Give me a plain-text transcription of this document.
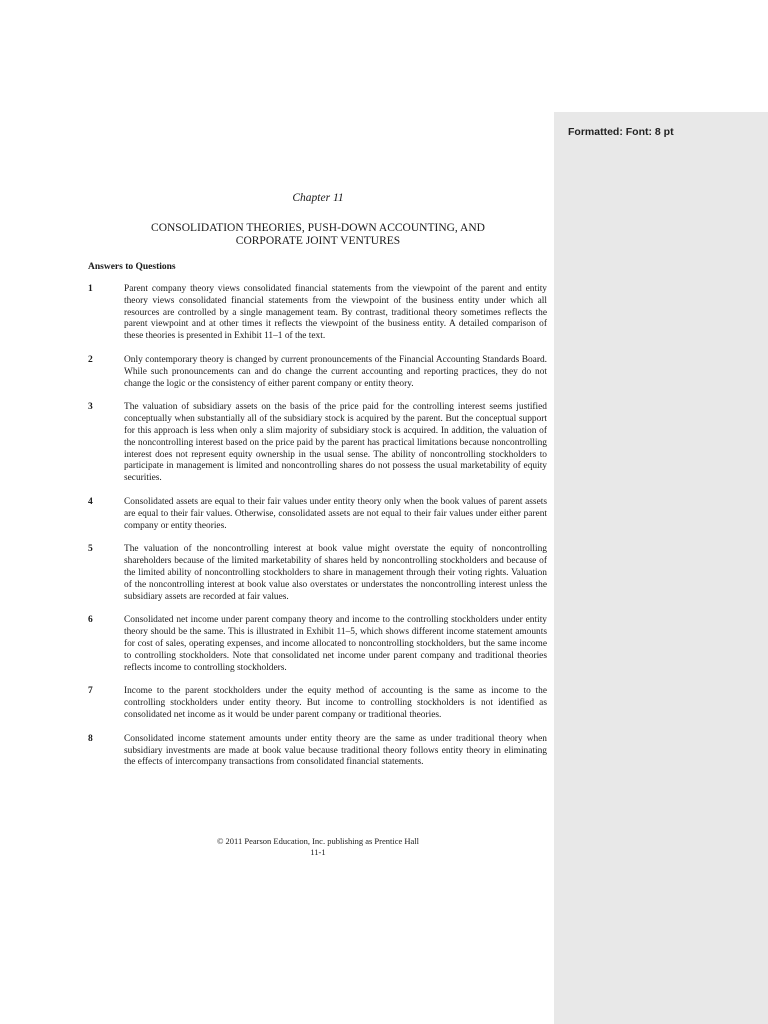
Formatted: Font: 8 pt
Chapter 11
CONSOLIDATION THEORIES, PUSH-DOWN ACCOUNTING, AND
CORPORATE JOINT VENTURES
Answers to Questions
1	Parent company theory views consolidated financial statements from the viewpoint of the parent and entity theory views consolidated financial statements from the viewpoint of the business entity under which all resources are controlled by a single management team. By contrast, traditional theory sometimes reflects the parent viewpoint and at other times it reflects the viewpoint of the business entity. A detailed comparison of these theories is presented in Exhibit 11–1 of the text.
2	Only contemporary theory is changed by current pronouncements of the Financial Accounting Standards Board. While such pronouncements can and do change the current accounting and reporting practices, they do not change the logic or the consistency of either parent company or entity theory.
3	The valuation of subsidiary assets on the basis of the price paid for the controlling interest seems justified conceptually when substantially all of the subsidiary stock is acquired by the parent. But the conceptual support for this approach is less when only a slim majority of subsidiary stock is acquired. In addition, the valuation of the noncontrolling interest based on the price paid by the parent has practical limitations because noncontrolling interest does not represent equity ownership in the usual sense. The ability of noncontrolling stockholders to participate in management is limited and noncontrolling shares do not possess the usual marketability of equity securities.
4	Consolidated assets are equal to their fair values under entity theory only when the book values of parent assets are equal to their fair values. Otherwise, consolidated assets are not equal to their fair values under either parent company or entity theories.
5	The valuation of the noncontrolling interest at book value might overstate the equity of noncontrolling shareholders because of the limited marketability of shares held by noncontrolling stockholders and because of the limited ability of noncontrolling stockholders to share in management through their voting rights. Valuation of the noncontrolling interest at book value also overstates or understates the noncontrolling interest unless the subsidiary assets are recorded at fair values.
6	Consolidated net income under parent company theory and income to the controlling stockholders under entity theory should be the same. This is illustrated in Exhibit 11–5, which shows different income statement amounts for cost of sales, operating expenses, and income allocated to noncontrolling stockholders, but the same income to controlling stockholders. Note that consolidated net income under parent company and traditional theories reflects income to controlling stockholders.
7	Income to the parent stockholders under the equity method of accounting is the same as income to the controlling stockholders under entity theory. But income to controlling stockholders is not identified as consolidated net income as it would be under parent company or traditional theories.
8	Consolidated income statement amounts under entity theory are the same as under traditional theory when subsidiary investments are made at book value because traditional theory follows entity theory in eliminating the effects of intercompany transactions from consolidated financial statements.
© 2011 Pearson Education, Inc. publishing as Prentice Hall
11-1
